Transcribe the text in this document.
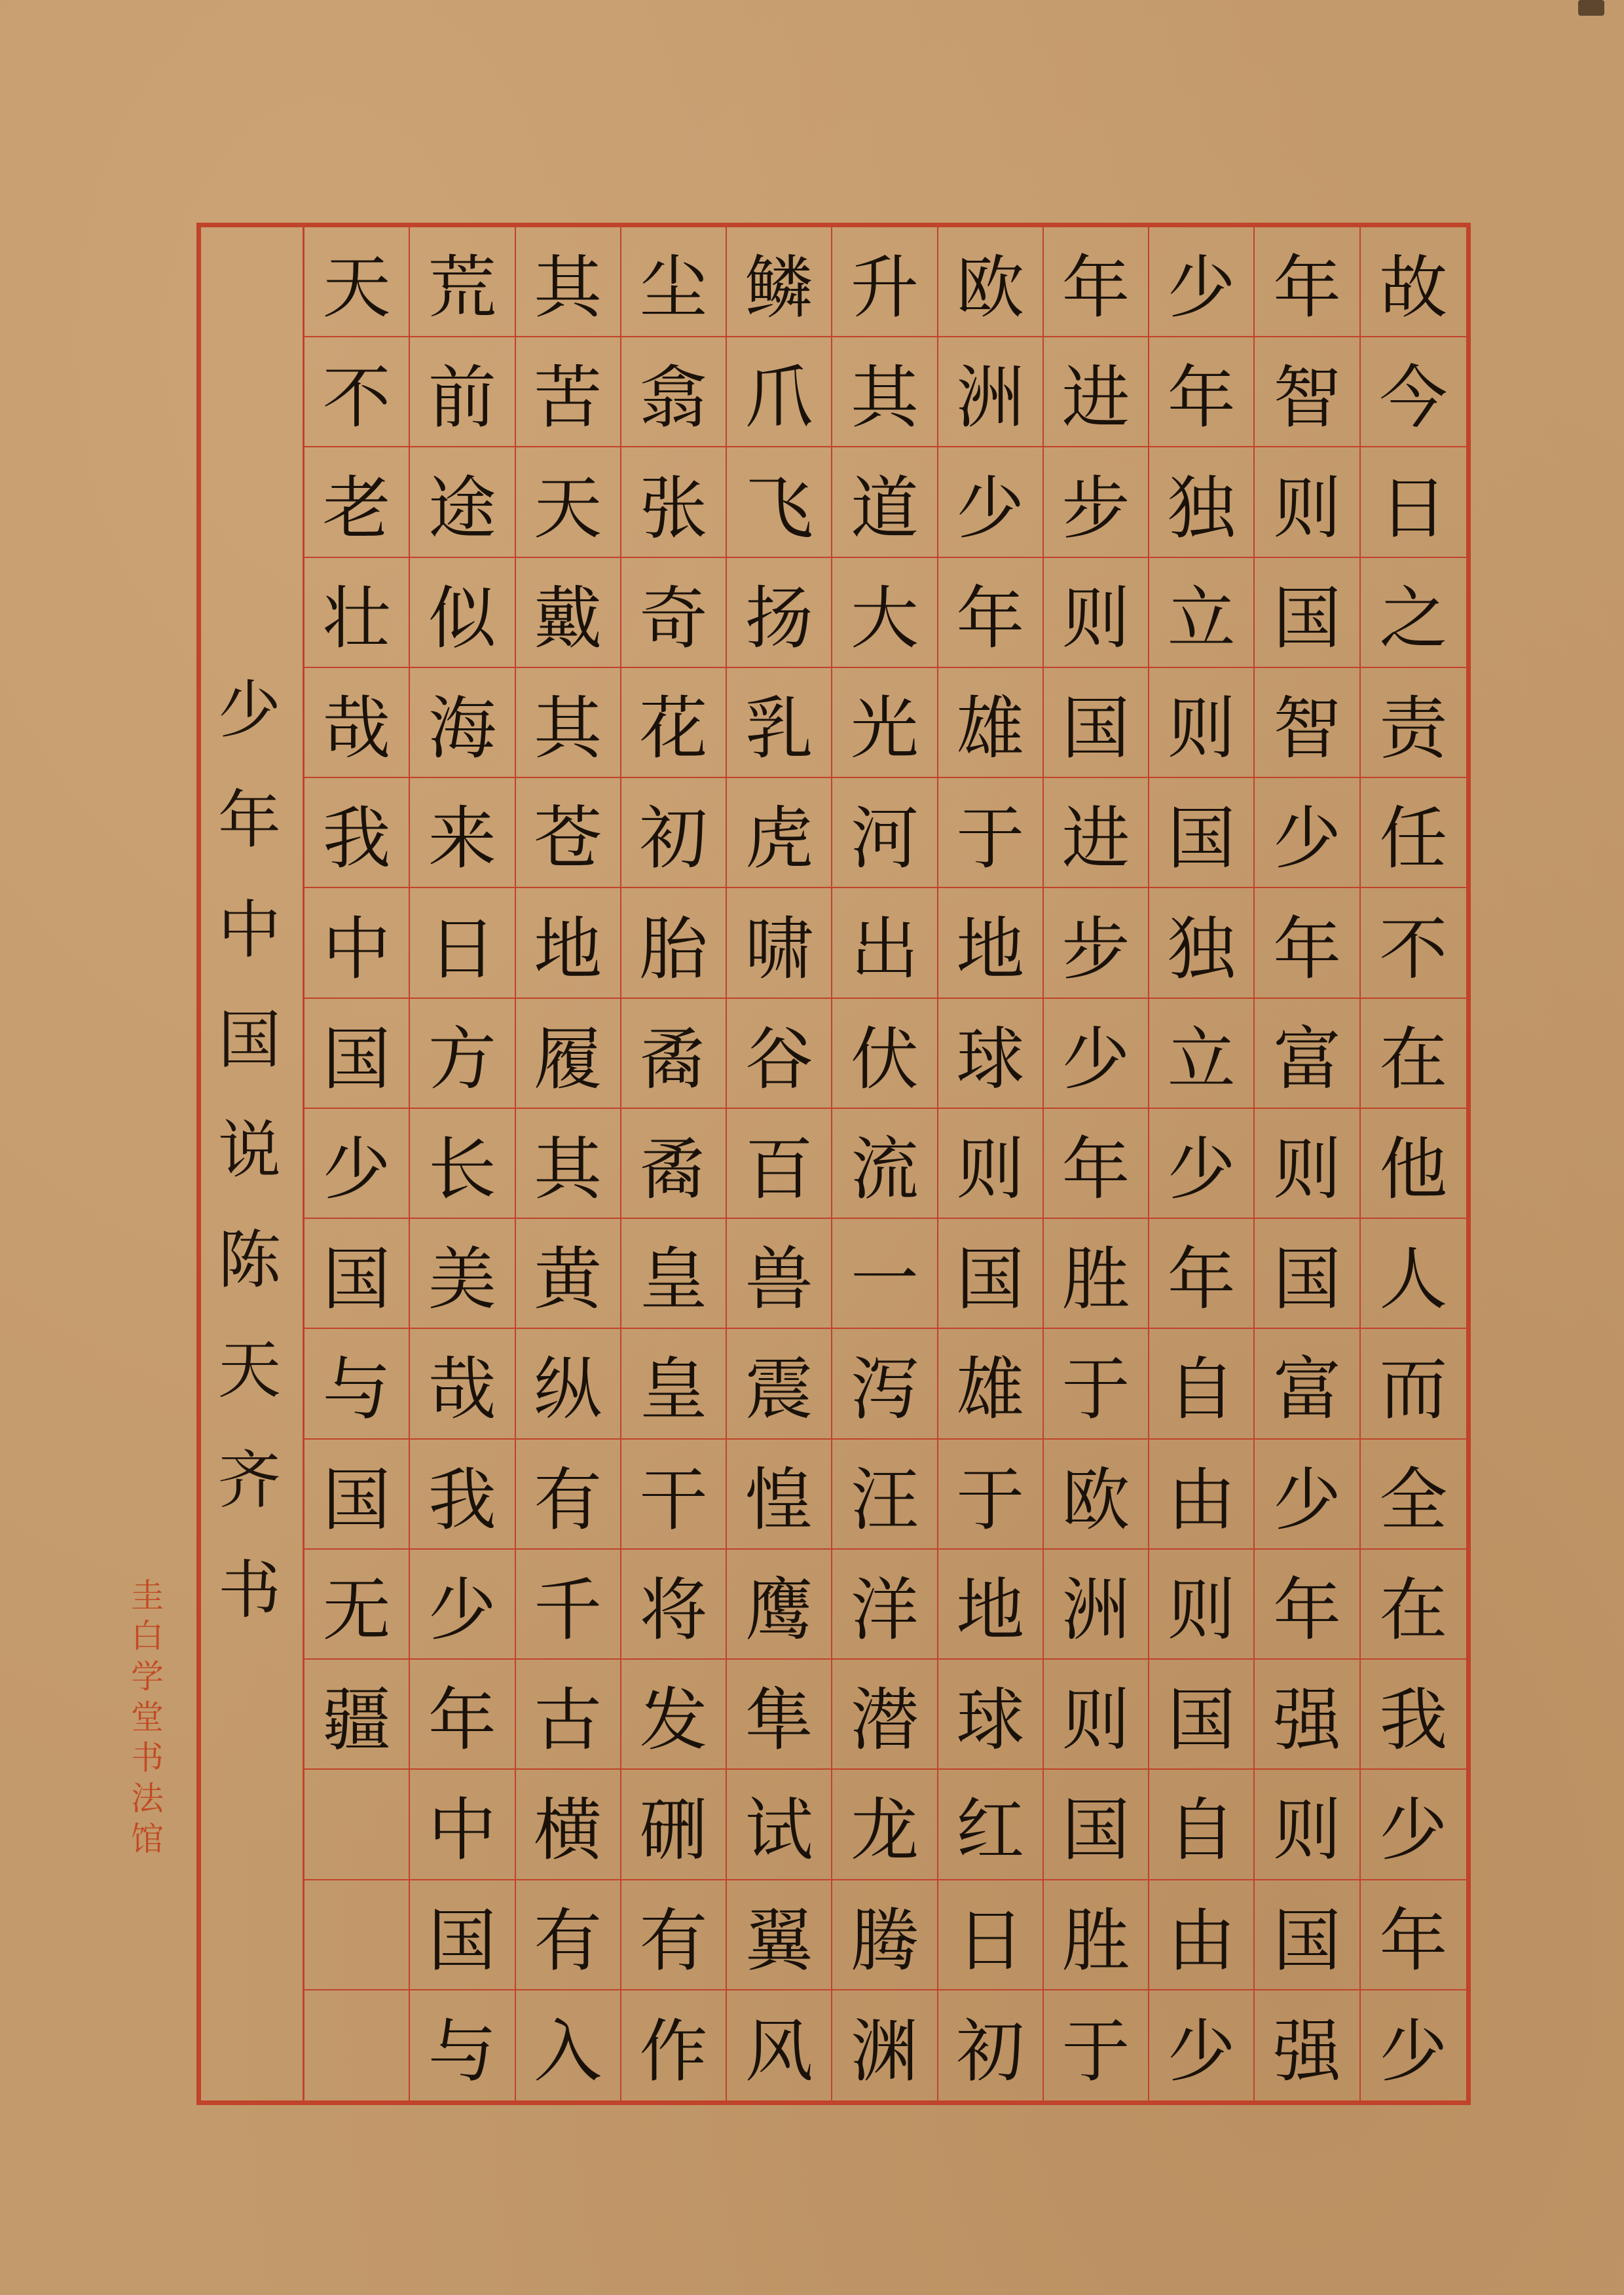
少
年
中
国
说
陈
天
齐
书
天
不
老
壮
哉
我
中
国
少
国
与
国
无
疆
荒
前
途
似
海
来
日
方
长
美
哉
我
少
年
中
国
与
其
苦
天
戴
其
苍
地
履
其
黄
纵
有
千
古
横
有
入
尘
翕
张
奇
花
初
胎
矞
矞
皇
皇
干
将
发
硎
有
作
鳞
爪
飞
扬
乳
虎
啸
谷
百
兽
震
惶
鹰
隼
试
翼
风
升
其
道
大
光
河
出
伏
流
一
泻
汪
洋
潜
龙
腾
渊
欧
洲
少
年
雄
于
地
球
则
国
雄
于
地
球
红
日
初
年
进
步
则
国
进
步
少
年
胜
于
欧
洲
则
国
胜
于
少
年
独
立
则
国
独
立
少
年
自
由
则
国
自
由
少
年
智
则
国
智
少
年
富
则
国
富
少
年
强
则
国
强
故
今
日
之
责
任
不
在
他
人
而
全
在
我
少
年
少
圭
白
学
堂
书
法
馆
